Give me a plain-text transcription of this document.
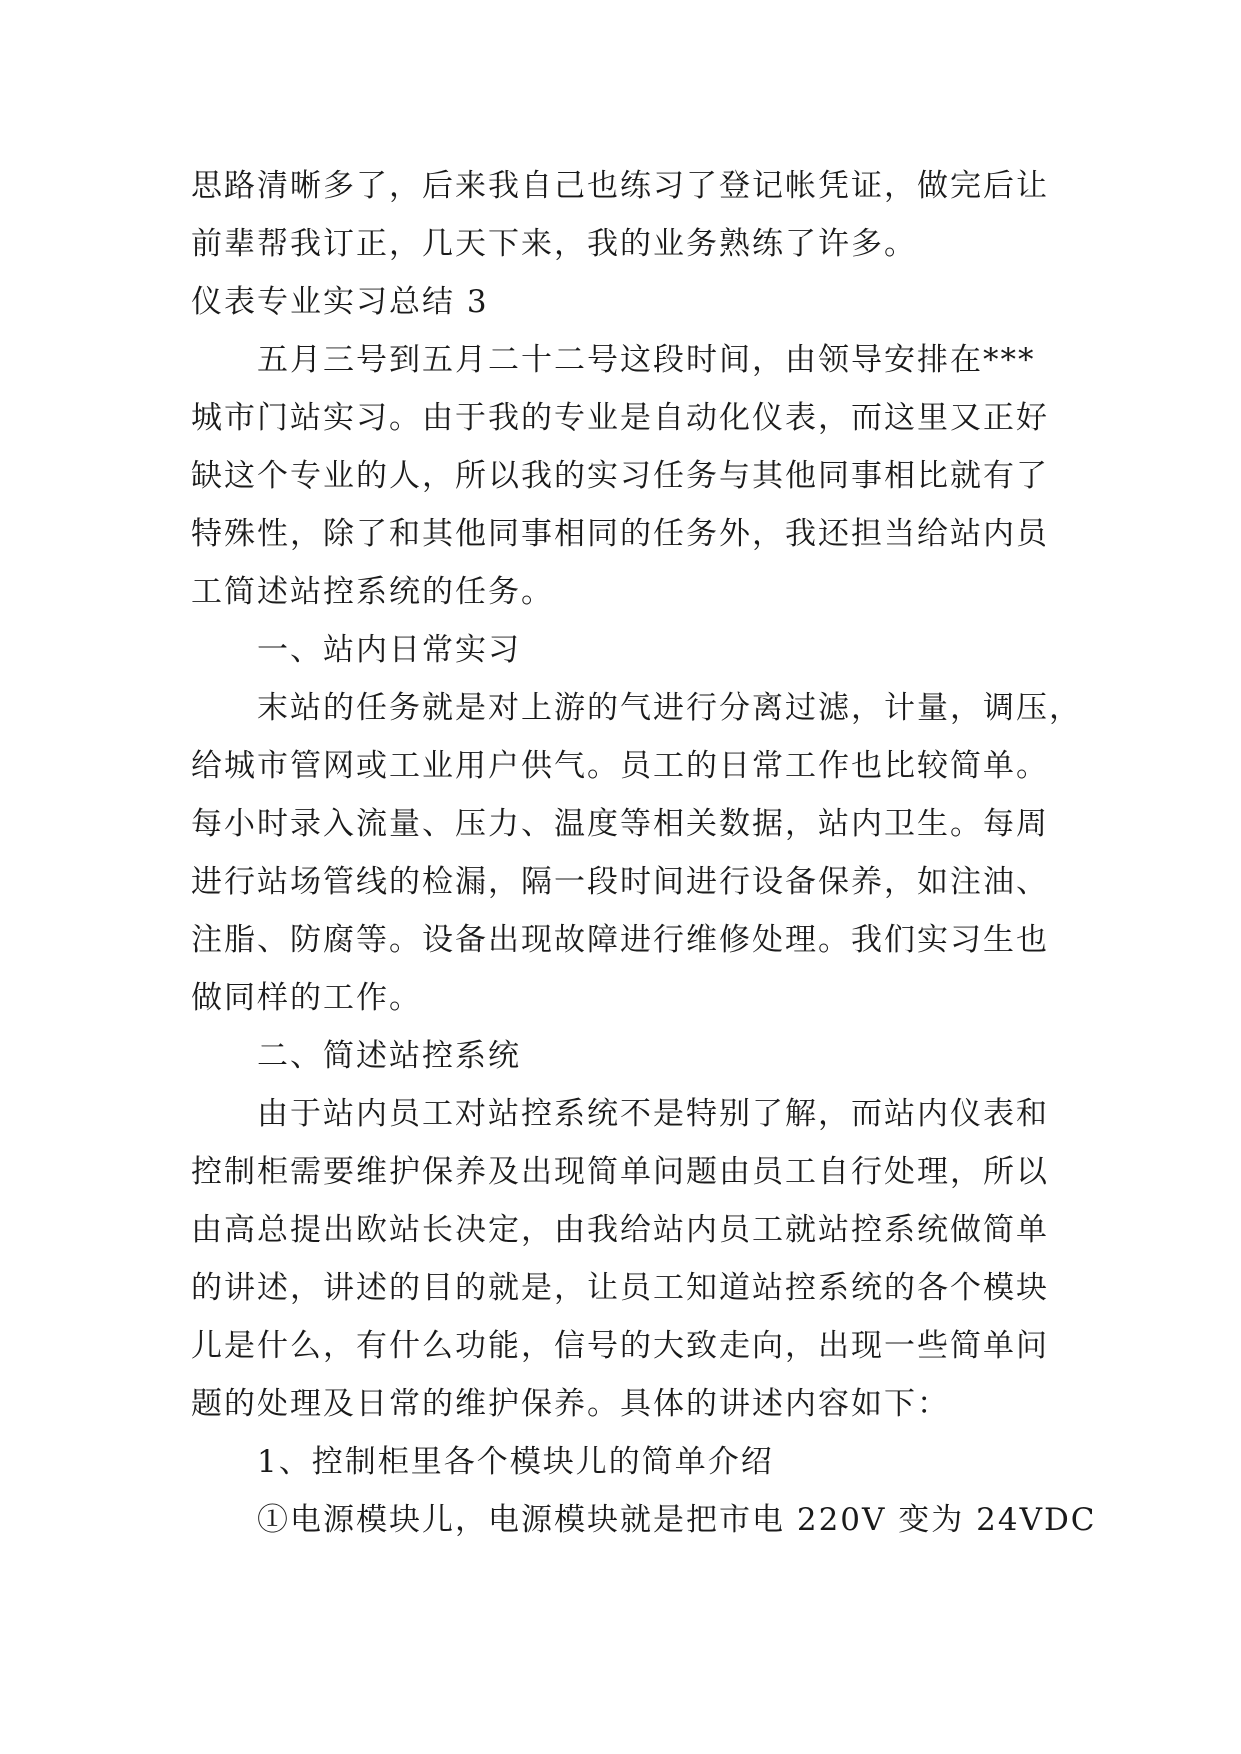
思路清晰多了，后来我自己也练习了登记帐凭证，做完后让
前辈帮我订正，几天下来，我的业务熟练了许多。
仪表专业实习总结 3
五月三号到五月二十二号这段时间，由领导安排在***
城市门站实习。由于我的专业是自动化仪表，而这里又正好
缺这个专业的人，所以我的实习任务与其他同事相比就有了
特殊性，除了和其他同事相同的任务外，我还担当给站内员
工简述站控系统的任务。
一、站内日常实习
末站的任务就是对上游的气进行分离过滤，计量，调压，
给城市管网或工业用户供气。员工的日常工作也比较简单。
每小时录入流量、压力、温度等相关数据，站内卫生。每周
进行站场管线的检漏，隔一段时间进行设备保养，如注油、
注脂、防腐等。设备出现故障进行维修处理。我们实习生也
做同样的工作。
二、简述站控系统
由于站内员工对站控系统不是特别了解，而站内仪表和
控制柜需要维护保养及出现简单问题由员工自行处理，所以
由高总提出欧站长决定，由我给站内员工就站控系统做简单
的讲述，讲述的目的就是，让员工知道站控系统的各个模块
儿是什么，有什么功能，信号的大致走向，出现一些简单问
题的处理及日常的维护保养。具体的讲述内容如下：
1、控制柜里各个模块儿的简单介绍
①电源模块儿，电源模块就是把市电 220V 变为 24VDC
